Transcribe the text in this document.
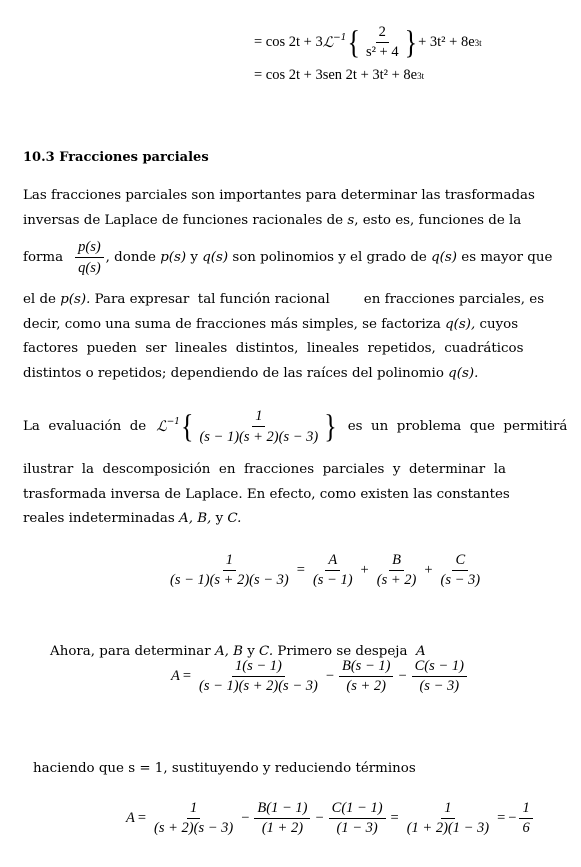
= cos 2t + 3 ℒ$^{-1}$ { $\frac{2}{\text{s² + 4}}$ } + 3t² + 8e 3t
= cos 2t + 3sen 2t + 3t² + 8e 3t
10.3 Fracciones parciales
Las fracciones parciales son importantes para determinar las trasformadas
inversas de Laplace de funciones racionales de s, esto es, funciones de la
forma $\frac{p(s)}{q(s)}$ , donde p(s) y q(s) son polinomios y el grado de q(s) es mayor que
el de p(s). Para expresar  tal función racional        en fracciones parciales, es
decir, como una suma de fracciones más simples, se factoriza q(s), cuyos
factores  pueden  ser  lineales  distintos,  lineales  repetidos,  cuadráticos
distintos o repetidos; dependiendo de las raíces del polinomio q(s).
La  evaluación  de ℒ$^{-1}$ { $\frac{1}{(s - 1)(s + 2)(s - 3)}$ } es  un  problema  que  permitirá
ilustrar  la  descomposición  en  fracciones  parciales  y  determinar  la
trasformada inversa de Laplace. En efecto, como existen las constantes
reales indeterminadas A, B, y C.
$\frac{1}{(s - 1)(s + 2)(s - 3)} = \frac{A}{(s - 1)} + \frac{B}{(s + 2)} + \frac{C}{(s - 3)}$

Ahora, para determinar A, B y C. Primero se despeja  A

$A = \frac{1(s - 1)}{(s - 1)(s + 2)(s - 3)} - \frac{B(s - 1)}{(s + 2)} - \frac{C(s - 1)}{(s - 3)}$
haciendo que s = 1, sustituyendo y reduciendo términos
$A = \frac{1}{(s + 2)(s - 3)} - \frac{B(1 - 1)}{(1 + 2)} - \frac{C(1 - 1)}{(1 - 3)} = \frac{1}{(1 + 2)(1 - 3)}$ = − $\frac{1}{6}$
